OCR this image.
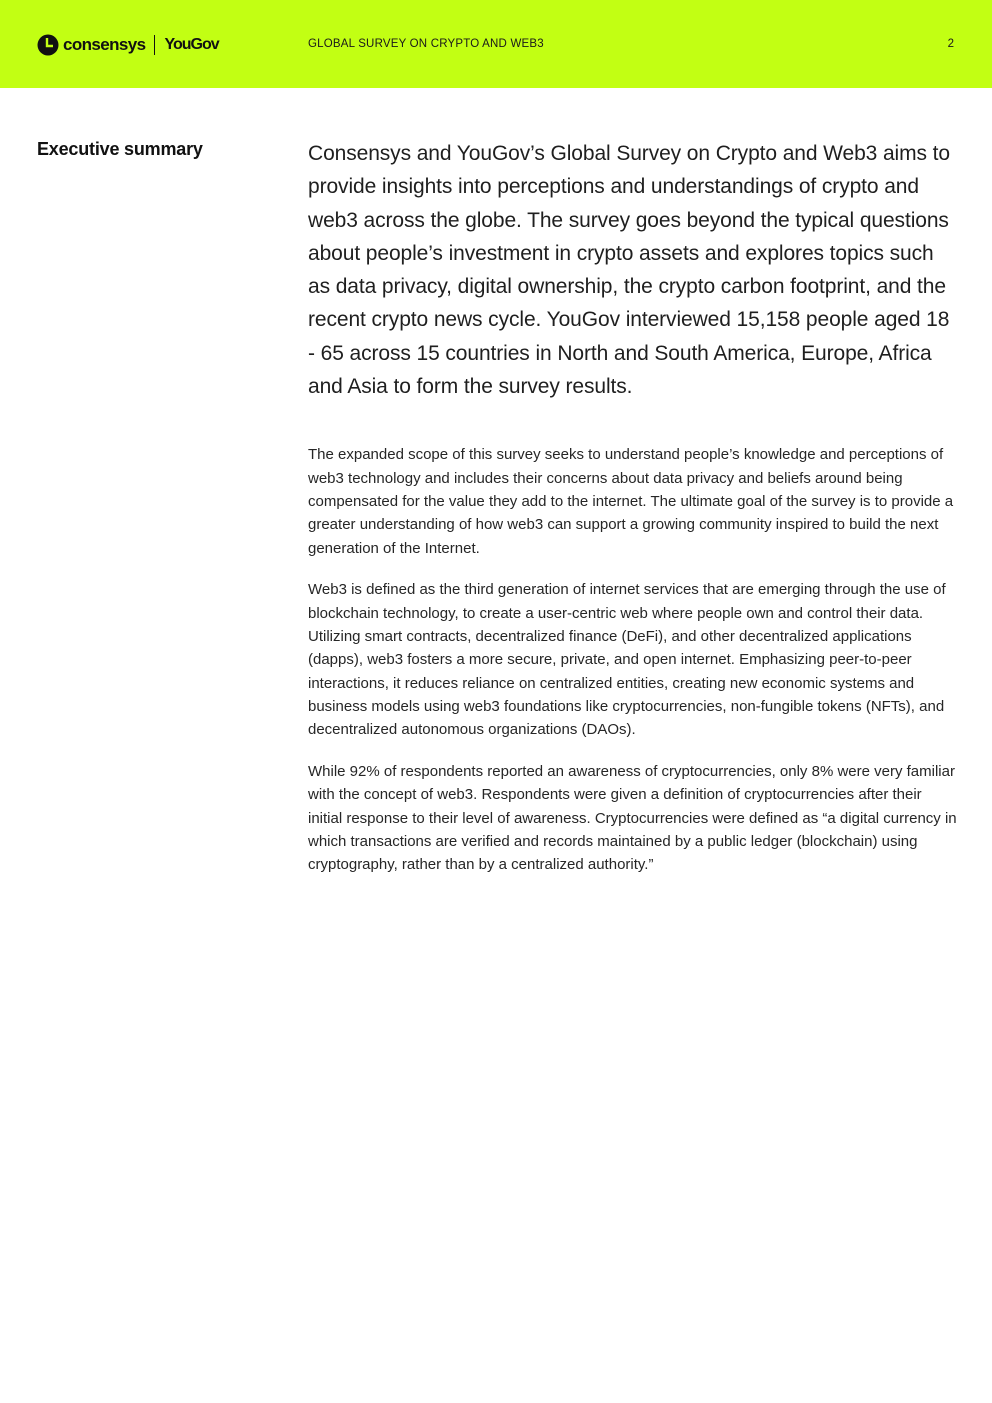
consensys YouGov	GLOBAL SURVEY ON CRYPTO AND WEB3	2
Executive summary	Consensys and YouGov’s Global Survey on Crypto and Web3 aims to provide insights into perceptions and understandings of crypto and web3 across the globe. The survey goes beyond the typical questions about people’s investment in crypto assets and explores topics such as data privacy, digital ownership, the crypto carbon footprint, and the recent crypto news cycle. YouGov interviewed 15,158 people aged 18 - 65 across 15 countries in North and South America, Europe, Africa and Asia to form the survey results.

The expanded scope of this survey seeks to understand people’s knowledge and perceptions of web3 technology and includes their concerns about data privacy and beliefs around being compensated for the value they add to the internet. The ultimate goal of the survey is to provide a greater understanding of how web3 can support a growing community inspired to build the next generation of the Internet.

Web3 is defined as the third generation of internet services that are emerging through the use of blockchain technology, to create a user-centric web where people own and control their data. Utilizing smart contracts, decentralized finance (DeFi), and other decentralized applications (dapps), web3 fosters a more secure, private, and open internet. Emphasizing peer-to-peer interactions, it reduces reliance on centralized entities, creating new economic systems and business models using web3 foundations like cryptocurrencies, non-fungible tokens (NFTs), and decentralized autonomous organizations (DAOs).

While 92% of respondents reported an awareness of cryptocurrencies, only 8% were very familiar with the concept of web3. Respondents were given a definition of cryptocurrencies after their initial response to their level of awareness. Cryptocurrencies were defined as “a digital currency in which transactions are verified and records maintained by a public ledger (blockchain) using cryptography, rather than by a centralized authority.”
